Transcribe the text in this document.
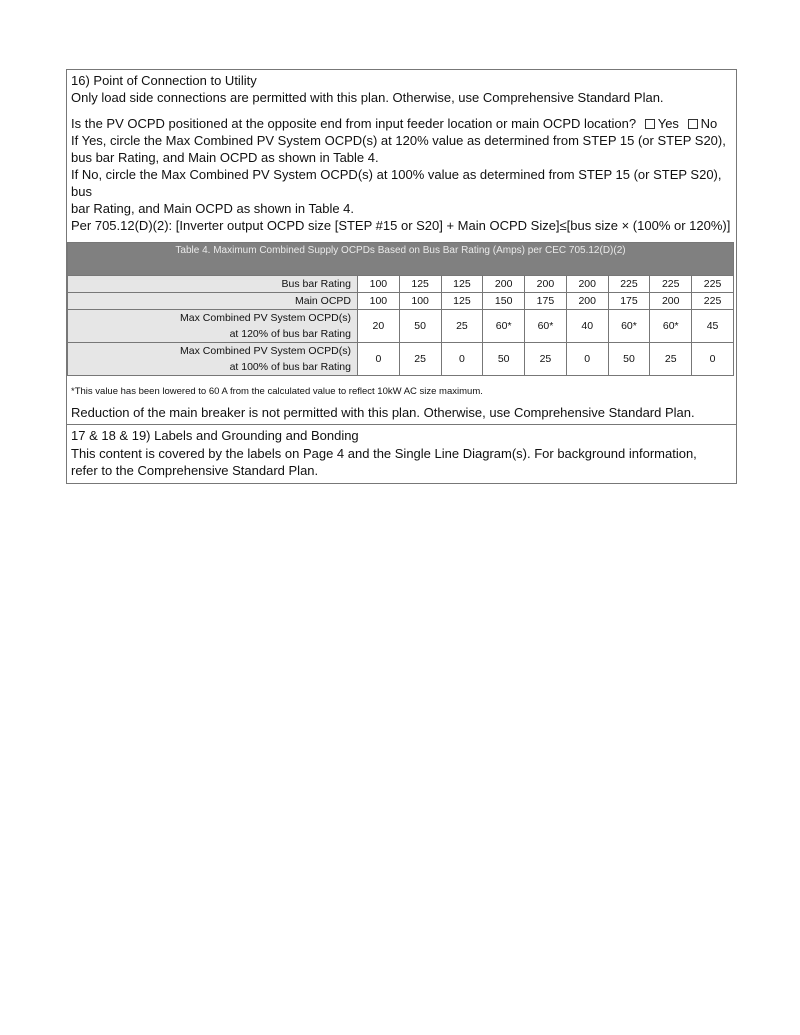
16) Point of Connection to Utility

Only load side connections are permitted with this plan. Otherwise, use Comprehensive Standard Plan.

Is the PV OCPD positioned at the opposite end from input feeder location or main OCPD location? Yes No

If Yes, circle the Max Combined PV System OCPD(s) at 120% value as determined from STEP 15 (or STEP S20),

bus bar Rating, and Main OCPD as shown in Table 4.

If No, circle the Max Combined PV System OCPD(s) at 100% value as determined from STEP 15 (or STEP S20), bus

bar Rating, and Main OCPD as shown in Table 4.

Per 705.12(D)(2): [Inverter output OCPD size [STEP #15 or S20] + Main OCPD Size]≤[bus size × (100% or 120%)]

Table 4. Maximum Combined Supply OCPDs Based on Bus Bar Rating (Amps) per CEC 705.12(D)(2)									
Bus bar Rating	100	125	125	200	200	200	225	225	225
Main OCPD	100	100	125	150	175	200	175	200	225

Max Combined PV System OCPD(s)
at 120% of bus bar Rating	20	50	25	60*	60*	40	60*	60*	45

Max Combined PV System OCPD(s)
at 100% of bus bar Rating	0	25	0	50	25	0	50	25	0
*This value has been lowered to 60 A from the calculated value to reflect 10kW AC size maximum.
Reduction of the main breaker is not permitted with this plan. Otherwise, use Comprehensive Standard Plan.

17 & 18 & 19) Labels and Grounding and Bonding

This content is covered by the labels on Page 4 and the Single Line Diagram(s). For background information,

refer to the Comprehensive Standard Plan.
